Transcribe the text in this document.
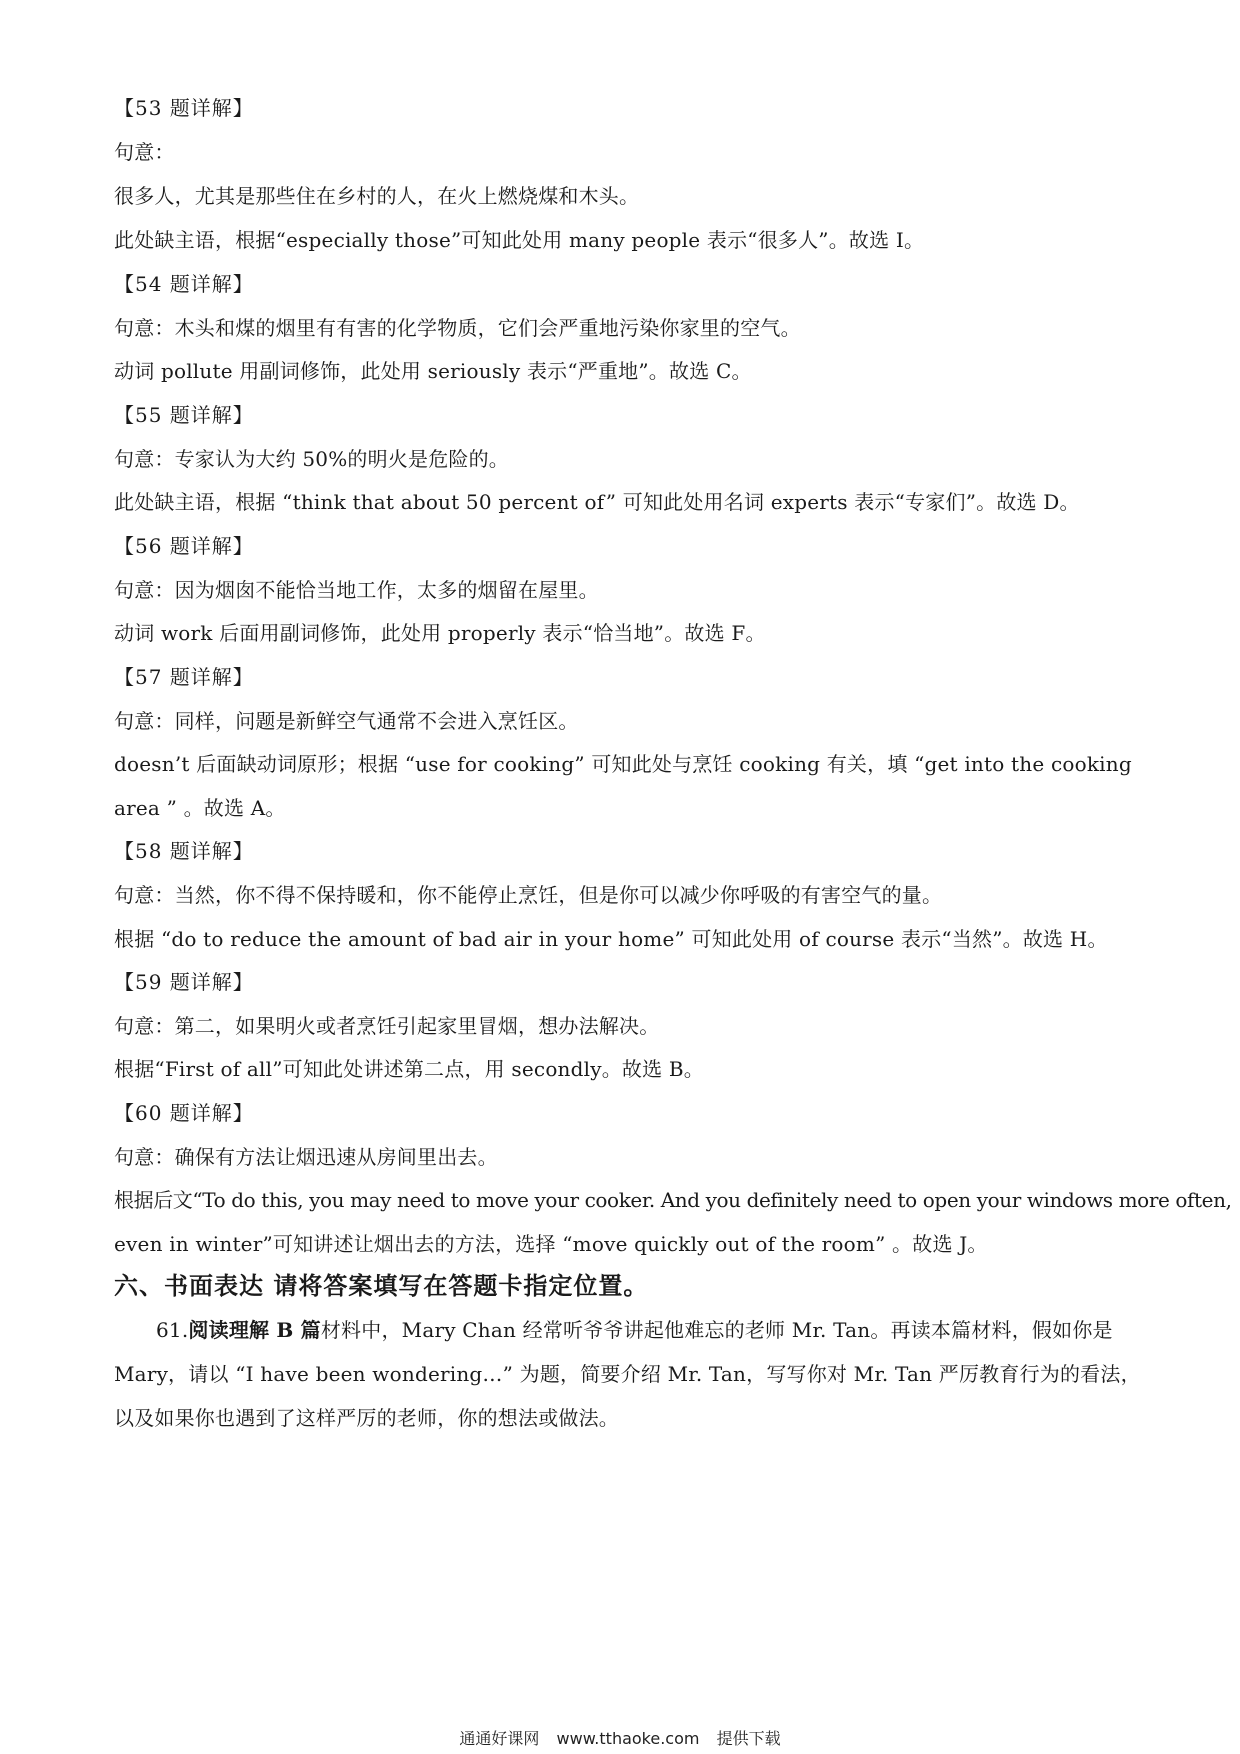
【53 题详解】
句意：
很多人，尤其是那些住在乡村的人，在火上燃烧煤和木头。
此处缺主语，根据“especially those”可知此处用 many people 表示“很多人”。故选 I。
【54 题详解】
句意：木头和煤的烟里有有害的化学物质，它们会严重地污染你家里的空气。
动词 pollute 用副词修饰，此处用 seriously 表示“严重地”。故选 C。
【55 题详解】
句意：专家认为大约 50%的明火是危险的。
此处缺主语，根据 “think that about 50 percent of” 可知此处用名词 experts 表示“专家们”。故选 D。
【56 题详解】
句意：因为烟囱不能恰当地工作，太多的烟留在屋里。
动词 work 后面用副词修饰，此处用 properly 表示“恰当地”。故选 F。
【57 题详解】
句意：同样，问题是新鲜空气通常不会进入烹饪区。
doesn’t 后面缺动词原形；根据 “use for cooking” 可知此处与烹饪 cooking 有关，填 “get into the cooking
area ” 。故选 A。
【58 题详解】
句意：当然，你不得不保持暖和，你不能停止烹饪，但是你可以减少你呼吸的有害空气的量。
根据 “do to reduce the amount of bad air in your home” 可知此处用 of course 表示“当然”。故选 H。
【59 题详解】
句意：第二，如果明火或者烹饪引起家里冒烟，想办法解决。
根据“First of all”可知此处讲述第二点，用 secondly。故选 B。
【60 题详解】
句意：确保有方法让烟迅速从房间里出去。
根据后文“To do this, you may need to move your cooker. And you definitely need to open your windows more often,
even in winter”可知讲述让烟出去的方法，选择 “move quickly out of the room” 。故选 J。
六、书面表达 请将答案填写在答题卡指定位置。
61.阅读理解 B 篇材料中，Mary Chan 经常听爷爷讲起他难忘的老师 Mr. Tan。再读本篇材料，假如你是
Mary，请以 “I have been wondering…” 为题，简要介绍 Mr. Tan，写写你对 Mr. Tan 严厉教育行为的看法，
以及如果你也遇到了这样严厉的老师，你的想法或做法。
通通好课网 www.tthaoke.com 提供下载
